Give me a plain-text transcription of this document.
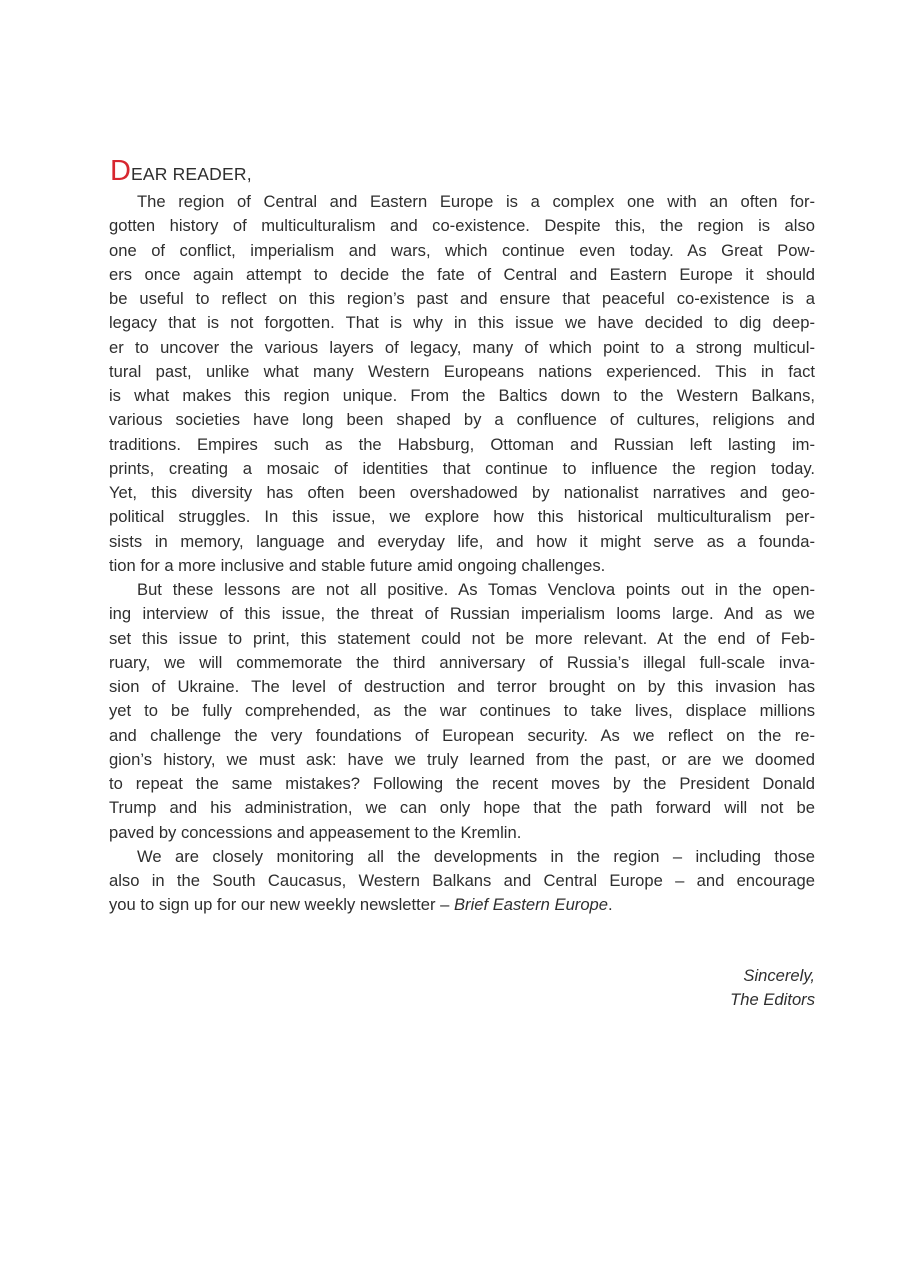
DEAR READER,
The region of Central and Eastern Europe is a complex one with an often for-
gotten history of multiculturalism and co-existence. Despite this, the region is also
one of conflict, imperialism and wars, which continue even today. As Great Pow-
ers once again attempt to decide the fate of Central and Eastern Europe it should
be useful to reflect on this region’s past and ensure that peaceful co-existence is a
legacy that is not forgotten. That is why in this issue we have decided to dig deep-
er to uncover the various layers of legacy, many of which point to a strong multicul-
tural past, unlike what many Western Europeans nations experienced. This in fact
is what makes this region unique. From the Baltics down to the Western Balkans,
various societies have long been shaped by a confluence of cultures, religions and
traditions. Empires such as the Habsburg, Ottoman and Russian left lasting im-
prints, creating a mosaic of identities that continue to influence the region today.
Yet, this diversity has often been overshadowed by nationalist narratives and geo-
political struggles. In this issue, we explore how this historical multiculturalism per-
sists in memory, language and everyday life, and how it might serve as a founda-
tion for a more inclusive and stable future amid ongoing challenges.
But these lessons are not all positive. As Tomas Venclova points out in the open-
ing interview of this issue, the threat of Russian imperialism looms large. And as we
set this issue to print, this statement could not be more relevant. At the end of Feb-
ruary, we will commemorate the third anniversary of Russia’s illegal full-scale inva-
sion of Ukraine. The level of destruction and terror brought on by this invasion has
yet to be fully comprehended, as the war continues to take lives, displace millions
and challenge the very foundations of European security. As we reflect on the re-
gion’s history, we must ask: have we truly learned from the past, or are we doomed
to repeat the same mistakes? Following the recent moves by the President Donald
Trump and his administration, we can only hope that the path forward will not be
paved by concessions and appeasement to the Kremlin.
We are closely monitoring all the developments in the region – including those
also in the South Caucasus, Western Balkans and Central Europe – and encourage
you to sign up for our new weekly newsletter – Brief Eastern Europe.
Sincerely,
The Editors
